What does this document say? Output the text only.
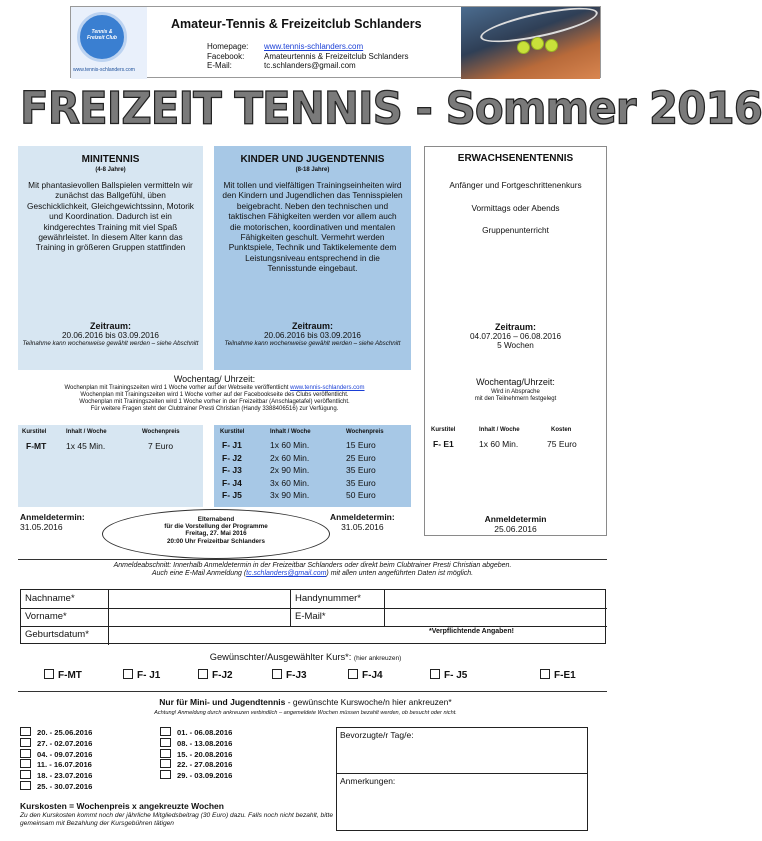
Tennis & Freizeit Club
www.tennis-schlanders.com
Amateur-Tennis & Freizeitclub Schlanders
Homepage: www.tennis-schlanders.com
Facebook: Amateurtennis & Freizeitclub Schlanders
E-Mail:	tc.schlanders@gmail.com
FREIZEIT TENNIS - Sommer 2016
MINITENNIS
(4-8 Jahre)
Mit phantasievollen Ballspielen vermitteln wir zunächst das Ballgefühl, üben Geschicklichkeit, Gleichgewichtssinn, Motorik und Koordination. Dadurch ist ein kindgerechtes Training mit viel Spaß gewährleistet. In diesem Alter kann das Training in größeren Gruppen stattfinden
Zeitraum:
20.06.2016 bis 03.09.2016
Teilnahme kann wochenweise gewählt werden – siehe Abschnitt
KINDER UND JUGENDTENNIS
(8-18 Jahre)
Mit tollen und vielfältigen Trainingseinheiten wird den Kindern und Jugendlichen das Tennisspielen beigebracht. Neben den technischen und taktischen Fähigkeiten werden vor allem auch die motorischen, koordinativen und mentalen Fähigkeiten geschult. Vermehrt werden Punktspiele, Technik und Taktikelemente dem Leistungsniveau entsprechend in die Tennisstunde eingebaut.
Zeitraum:
20.06.2016 bis 03.09.2016
Teilnahme kann wochenweise gewählt werden – siehe Abschnitt
ERWACHSENENTENNIS
Anfänger und Fortgeschrittenenkurs
Vormittags oder Abends
Gruppenunterricht
Zeitraum:
04.07.2016 – 06.08.2016
5 Wochen
Wochentag/Uhrzeit:
Wird in Absprache
mit den Teilnehmern festgelegt
Kurstitel	Inhalt / Woche	Kosten
F- E1	1x 60 Min.	75 Euro
Anmeldetermin
25.06.2016
Wochentag/ Uhrzeit:
Wochenplan mit Trainingszeiten wird 1 Woche vorher auf der Webseite veröffentlicht www.tennis-schlanders.com
Wochenplan mit Trainingszeiten wird 1 Woche vorher auf der Facebookseite des Clubs veröffentlicht.
Wochenplan mit Trainingszeiten wird 1 Woche vorher in der Freizeitbar (Anschlagetafel) veröffentlicht.
Für weitere Fragen steht der Clubtrainer Presti Christian (Handy 3388406516) zur Verfügung.
Kurstitel	Inhalt / Woche	Wochenpreis
F-MT 1x 45 Min.	7 Euro
Kurstitel	Inhalt / Woche	Wochenpreis
F- J1	1x 60 Min.	15 Euro
F- J2	2x 60 Min.	25 Euro
F- J3	2x 90 Min.	35 Euro
F- J4	3x 60 Min.	35 Euro
F- J5	3x 90 Min.	50 Euro
Anmeldetermin:
31.05.2016
Anmeldetermin:
31.05.2016
Elternabend
für die Vorstellung der Programme
Freitag, 27. Mai 2016
20:00 Uhr Freizeitbar Schlanders
Anmeldeabschnitt: Innerhalb Anmeldetermin in der Freizeitbar Schlanders oder direkt beim Clubtrainer Presti Christian abgeben.
Auch eine E-Mail Anmeldung (tc.schlanders@gmail.com) mit allen unten angeführten Daten ist möglich.
Nachname*
Vorname*
Geburtsdatum*
Handynummer*
E-Mail*
*Verpflichtende Angaben!
Gewünschter/Ausgewählter Kurs*: (hier ankreuzen)
F-MT	F- J1	F-J2	F-J3	F-J4	F- J5	F-E1
Nur für Mini- und Jugendtennis - gewünschte Kurswoche/n hier ankreuzen*
Achtung! Anmeldung durch ankreuzen verbindlich – angemeldete Wochen müssen bezahlt werden, ob besucht oder nicht.
20. - 25.06.2016
27. - 02.07.2016
04. - 09.07.2016
11. - 16.07.2016
18. - 23.07.2016
25. - 30.07.2016
01. - 06.08.2016
08. - 13.08.2016
15. - 20.08.2016
22. - 27.08.2016
29. - 03.09.2016
Bevorzugte/r Tag/e:
Anmerkungen:
Kurskosten = Wochenpreis x angekreuzte Wochen
Zu den Kurskosten kommt noch der jährliche Mitgliedsbeitrag (30 Euro) dazu. Falls noch nicht bezahlt, bitte gemeinsam mit Bezahlung der Kursgebühren tätigen
